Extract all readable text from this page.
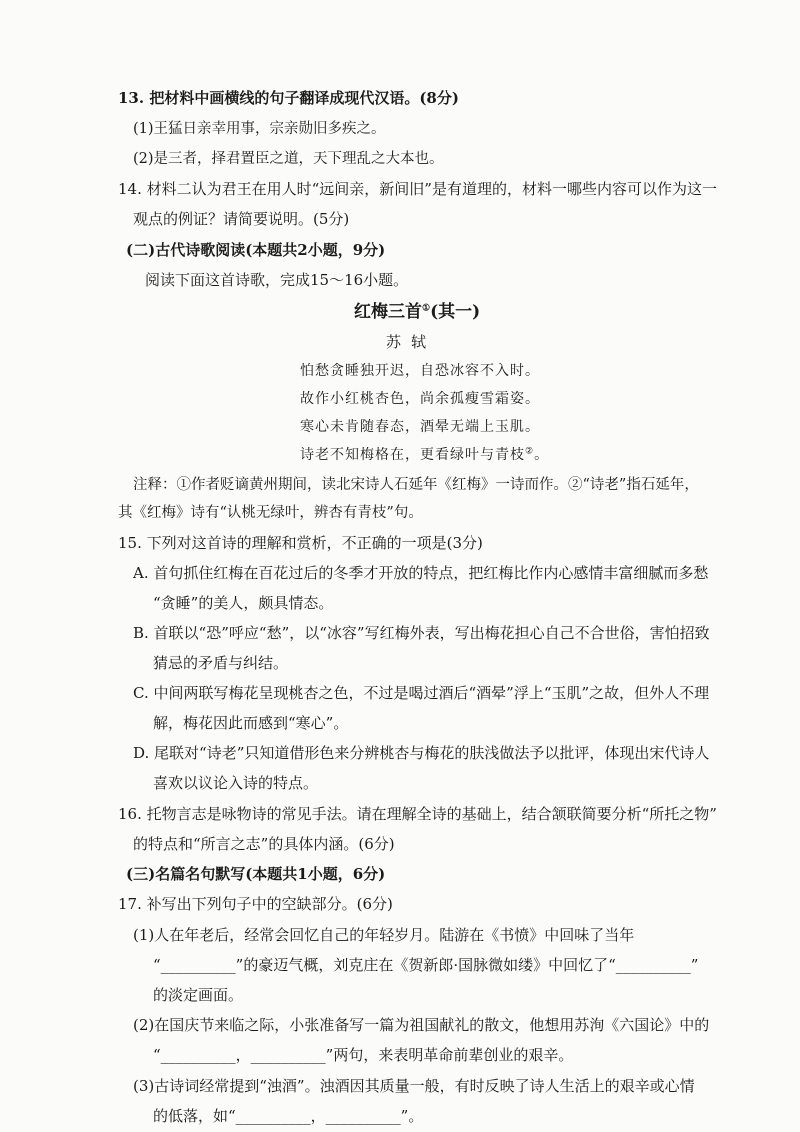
13. 把材料中画横线的句子翻译成现代汉语。(8分)
(1)王猛日亲幸用事，宗亲勋旧多疾之。
(2)是三者，择君置臣之道，天下理乱之大本也。
14. 材料二认为君王在用人时“远间亲，新间旧”是有道理的，材料一哪些内容可以作为这一
观点的例证？请简要说明。(5分)
(二)古代诗歌阅读(本题共2小题，9分)
阅读下面这首诗歌，完成15～16小题。
红梅三首①(其一)
苏轼
怕愁贪睡独开迟，自恐冰容不入时。
故作小红桃杏色，尚余孤瘦雪霜姿。
寒心未肯随春态，酒晕无端上玉肌。
诗老不知梅格在，更看绿叶与青枝②。
注释：①作者贬谪黄州期间，读北宋诗人石延年《红梅》一诗而作。②“诗老”指石延年，
其《红梅》诗有“认桃无绿叶，辨杏有青枝”句。
15. 下列对这首诗的理解和赏析，不正确的一项是(3分)
A. 首句抓住红梅在百花过后的冬季才开放的特点，把红梅比作内心感情丰富细腻而多愁
“贪睡”的美人，颇具情态。
B. 首联以“恐”呼应“愁”，以“冰容”写红梅外表，写出梅花担心自己不合世俗，害怕招致
猜忌的矛盾与纠结。
C. 中间两联写梅花呈现桃杏之色，不过是喝过酒后“酒晕”浮上“玉肌”之故，但外人不理
解，梅花因此而感到“寒心”。
D. 尾联对“诗老”只知道借形色来分辨桃杏与梅花的肤浅做法予以批评，体现出宋代诗人
喜欢以议论入诗的特点。
16. 托物言志是咏物诗的常见手法。请在理解全诗的基础上，结合颔联简要分析“所托之物”
的特点和“所言之志”的具体内涵。(6分)
(三)名篇名句默写(本题共1小题，6分)
17. 补写出下列句子中的空缺部分。(6分)
(1)人在年老后，经常会回忆自己的年轻岁月。陆游在《书愤》中回味了当年
“__________”的豪迈气概，刘克庄在《贺新郎·国脉微如缕》中回忆了“__________”
的淡定画面。
(2)在国庆节来临之际，小张准备写一篇为祖国献礼的散文，他想用苏洵《六国论》中的
“__________，__________”两句，来表明革命前辈创业的艰辛。
(3)古诗词经常提到“浊酒”。浊酒因其质量一般，有时反映了诗人生活上的艰辛或心情
的低落，如“__________，__________”。
